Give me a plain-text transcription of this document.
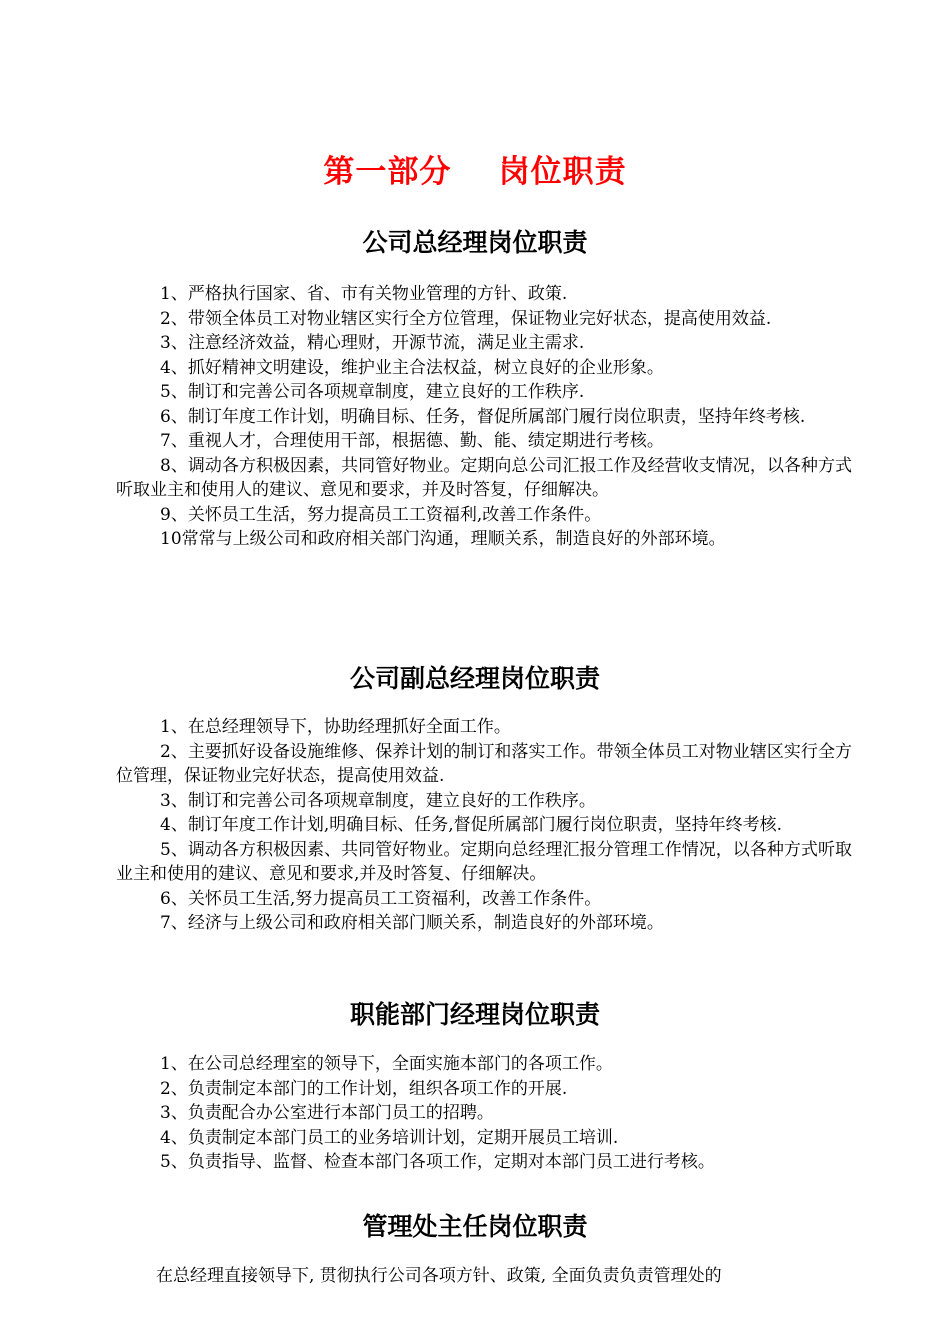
第一部分    岗位职责
公司总经理岗位职责

1、严格执行国家、省、市有关物业管理的方针、政策.

2、带领全体员工对物业辖区实行全方位管理，保证物业完好状态，提高使用效益.

3、注意经济效益，精心理财，开源节流，满足业主需求.

4、抓好精神文明建设，维护业主合法权益，树立良好的企业形象。

5、制订和完善公司各项规章制度，建立良好的工作秩序.

6、制订年度工作计划，明确目标、任务，督促所属部门履行岗位职责，坚持年终考核.

7、重视人才，合理使用干部，根据德、勤、能、绩定期进行考核。

8、调动各方积极因素，共同管好物业。定期向总公司汇报工作及经营收支情况，以各种方式听取业主和使用人的建议、意见和要求，并及时答复，仔细解决。

9、关怀员工生活，努力提高员工工资福利,改善工作条件。

10常常与上级公司和政府相关部门沟通，理顺关系，制造良好的外部环境。

公司副总经理岗位职责

1、在总经理领导下，协助经理抓好全面工作。

2、主要抓好设备设施维修、保养计划的制订和落实工作。带领全体员工对物业辖区实行全方位管理，保证物业完好状态，提高使用效益.

3、制订和完善公司各项规章制度，建立良好的工作秩序。

4、制订年度工作计划,明确目标、任务,督促所属部门履行岗位职责，坚持年终考核.

5、调动各方积极因素、共同管好物业。定期向总经理汇报分管理工作情况，以各种方式听取业主和使用的建议、意见和要求,并及时答复、仔细解决。

6、关怀员工生活,努力提高员工工资福利，改善工作条件。

7、经济与上级公司和政府相关部门顺关系，制造良好的外部环境。

职能部门经理岗位职责

1、在公司总经理室的领导下，全面实施本部门的各项工作。

2、负责制定本部门的工作计划，组织各项工作的开展.

3、负责配合办公室进行本部门员工的招聘。

4、负责制定本部门员工的业务培训计划，定期开展员工培训.

5、负责指导、监督、检查本部门各项工作，定期对本部门员工进行考核。

管理处主任岗位职责

在总经理直接领导下, 贯彻执行公司各项方针、政策, 全面负责负责管理处的
